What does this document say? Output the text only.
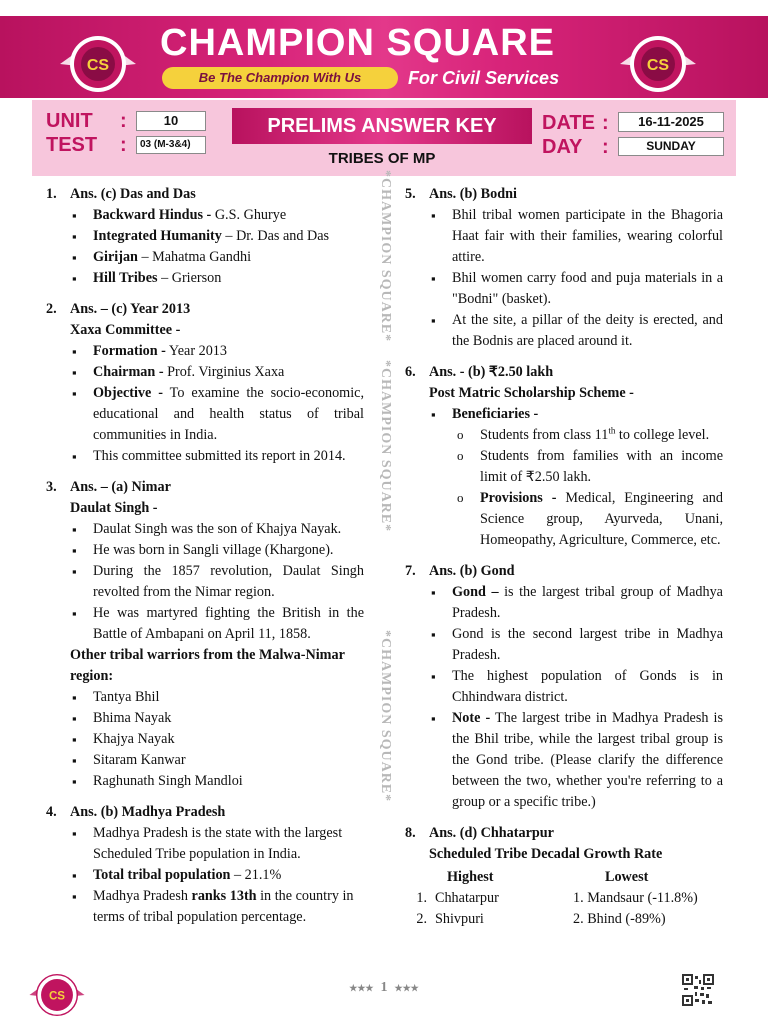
CS
CHAMPION SQUARE
Be The Champion With Us	For Civil Services
CS
UNIT :	10
TEST :	03 (M-3&4)
PRELIMS ANSWER KEY
TRIBES OF MP
DATE :	16-11-2025
DAY :	SUNDAY
*CHAMPION SQUARE*
*CHAMPION SQUARE*
*CHAMPION SQUARE*
1. Ans. (c) Das and Das
▪ Backward Hindus - G.S. Ghurye
▪ Integrated Humanity – Dr. Das and Das
▪ Girijan – Mahatma Gandhi
▪ Hill Tribes – Grierson
2. Ans. – (c) Year 2013
Xaxa Committee -
▪ Formation - Year 2013
▪ Chairman - Prof. Virginius Xaxa
▪ Objective - To examine the socio-economic, educational and health status of tribal communities in India.
▪ This committee submitted its report in 2014.
3. Ans. – (a) Nimar
Daulat Singh -
▪ Daulat Singh was the son of Khajya Nayak.
▪ He was born in Sangli village (Khargone).
▪ During the 1857 revolution, Daulat Singh revolted from the Nimar region.
▪ He was martyred fighting the British in the Battle of Ambapani on April 11, 1858.
Other tribal warriors from the Malwa-Nimar region:
▪ Tantya Bhil
▪ Bhima Nayak
▪ Khajya Nayak
▪ Sitaram Kanwar
▪ Raghunath Singh Mandloi
4. Ans. (b) Madhya Pradesh
▪ Madhya Pradesh is the state with the largest Scheduled Tribe population in India.
▪ Total tribal population – 21.1%
▪ Madhya Pradesh ranks 13th in the country in terms of tribal population percentage.
5. Ans. (b) Bodni
▪ Bhil tribal women participate in the Bhagoria Haat fair with their families, wearing colorful attire.
▪ Bhil women carry food and puja materials in a "Bodni" (basket).
▪ At the site, a pillar of the deity is erected, and the Bodnis are placed around it.
6. Ans. - (b) ₹2.50 lakh
Post Matric Scholarship Scheme -
▪ Beneficiaries -
o Students from class 11th to college level.
o Students from families with an income limit of ₹2.50 lakh.
o Provisions - Medical, Engineering and Science group, Ayurveda, Unani, Homeopathy, Agriculture, Commerce, etc.
7. Ans. (b) Gond
▪ Gond – is the largest tribal group of Madhya Pradesh.
▪ Gond is the second largest tribe in Madhya Pradesh.
▪ The highest population of Gonds is in Chhindwara district.
▪ Note - The largest tribe in Madhya Pradesh is the Bhil tribe, while the largest tribal group is the Gond tribe. (Please clarify the difference between the two, whether you're referring to a group or a specific tribe.)
8. Ans. (d) Chhatarpur
Scheduled Tribe Decadal Growth Rate
Highest	Lowest
1. Chhatarpur	1. Mandsaur (-11.8%)
2. Shivpuri	2. Bhind (-89%)
CS
★★★ 1 ★★★
